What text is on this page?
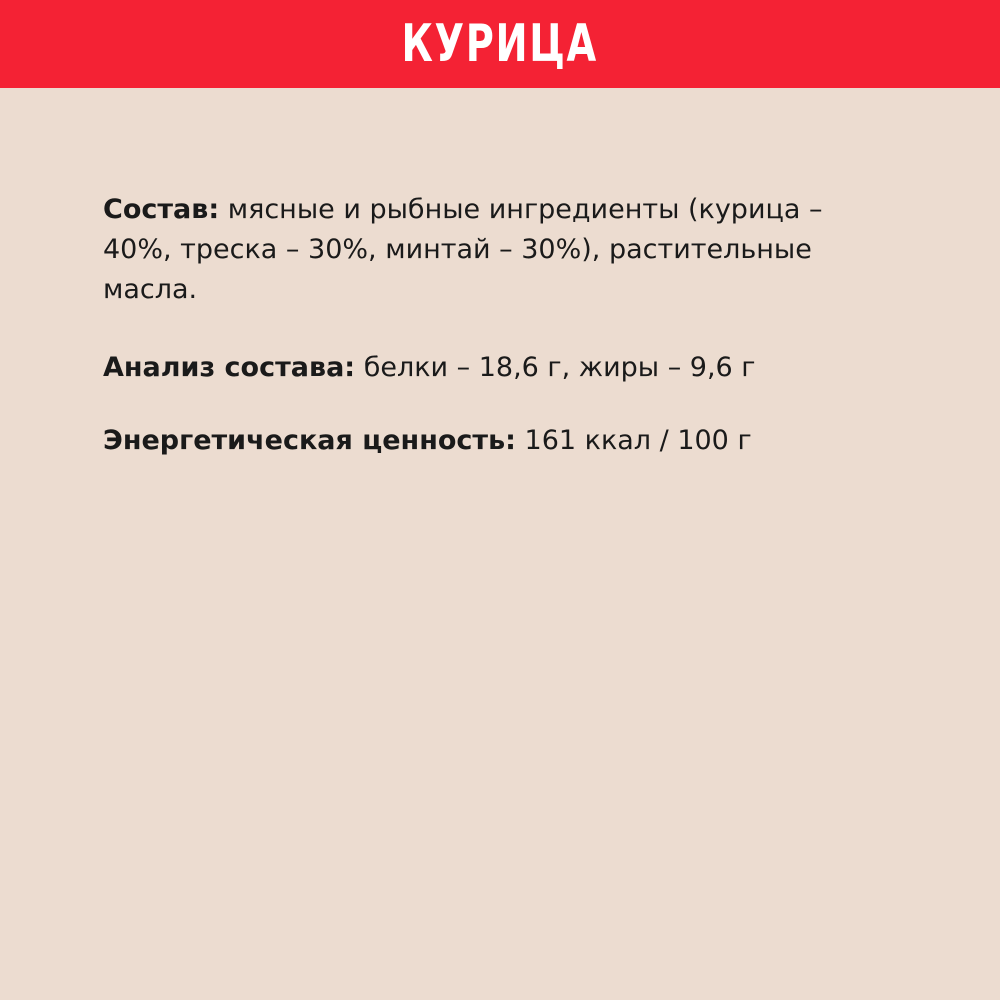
КУРИЦА

Состав: мясные и рыбные ингредиенты (курица – 40%, треска – 30%, минтай – 30%), растительные масла.

Анализ состава: белки – 18,6 г, жиры – 9,6 г

Энергетическая ценность: 161 ккал / 100 г
